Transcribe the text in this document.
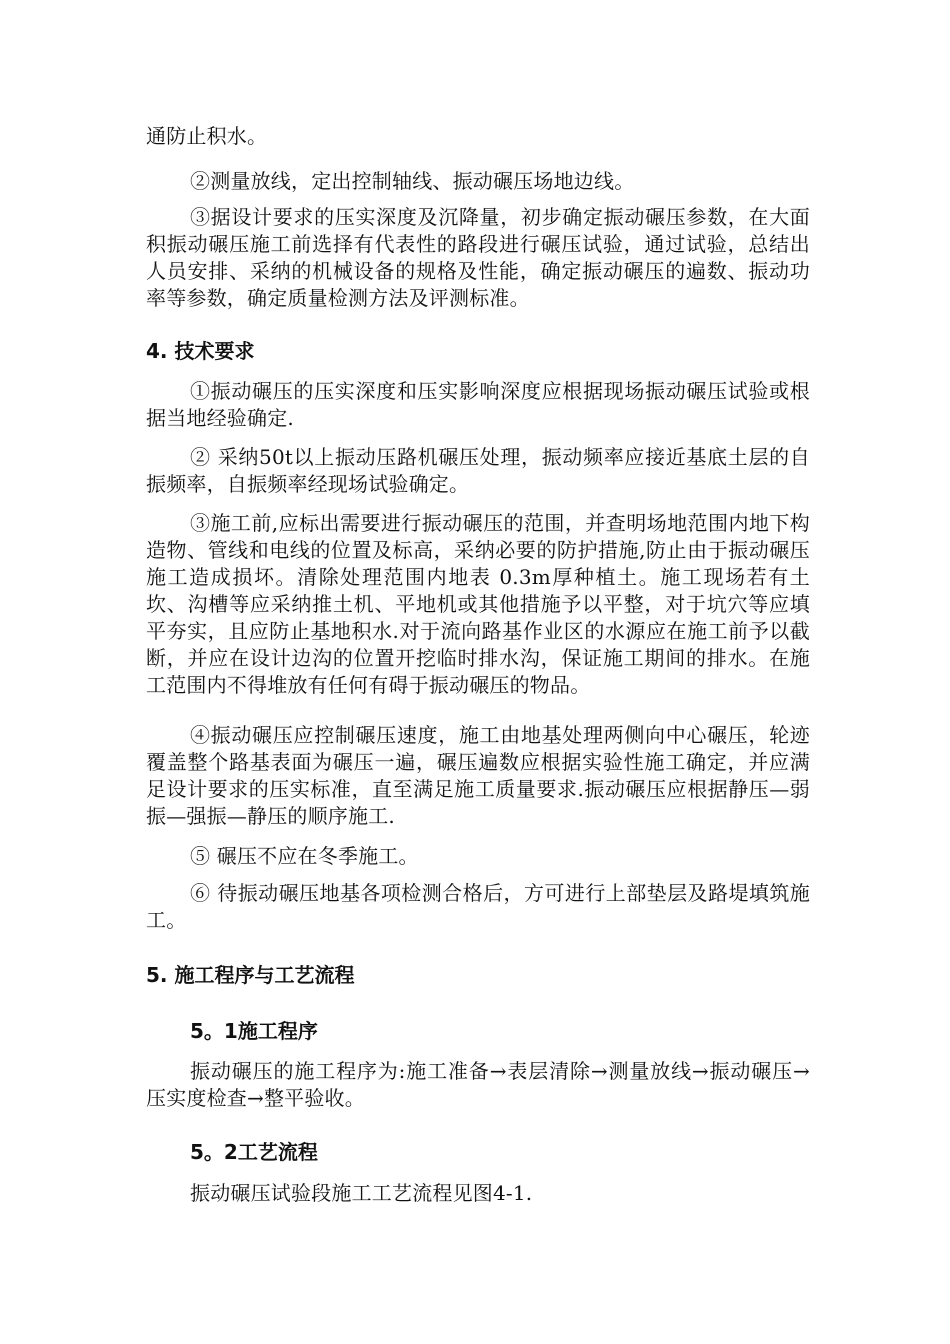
通防止积水。
②测量放线，定出控制轴线、振动碾压场地边线。
③据设计要求的压实深度及沉降量，初步确定振动碾压参数，在大面积振动碾压施工前选择有代表性的路段进行碾压试验，通过试验，总结出人员安排、采纳的机械设备的规格及性能，确定振动碾压的遍数、振动功率等参数，确定质量检测方法及评测标准。
4. 技术要求
①振动碾压的压实深度和压实影响深度应根据现场振动碾压试验或根据当地经验确定.
② 采纳50t以上振动压路机碾压处理，振动频率应接近基底土层的自振频率，自振频率经现场试验确定。
③施工前,应标出需要进行振动碾压的范围，并查明场地范围内地下构造物、管线和电线的位置及标高，采纳必要的防护措施,防止由于振动碾压施工造成损坏。清除处理范围内地表 0.3m厚种植土。施工现场若有土坎、沟槽等应采纳推土机、平地机或其他措施予以平整，对于坑穴等应填平夯实，且应防止基地积水.对于流向路基作业区的水源应在施工前予以截断，并应在设计边沟的位置开挖临时排水沟，保证施工期间的排水。在施工范围内不得堆放有任何有碍于振动碾压的物品。
④振动碾压应控制碾压速度，施工由地基处理两侧向中心碾压，轮迹覆盖整个路基表面为碾压一遍，碾压遍数应根据实验性施工确定，并应满足设计要求的压实标准，直至满足施工质量要求.振动碾压应根据静压—弱振—强振—静压的顺序施工.
⑤ 碾压不应在冬季施工。
⑥ 待振动碾压地基各项检测合格后，方可进行上部垫层及路堤填筑施工。
5. 施工程序与工艺流程
5。1施工程序
振动碾压的施工程序为:施工准备→表层清除→测量放线→振动碾压→压实度检查→整平验收。
5。2工艺流程
振动碾压试验段施工工艺流程见图4-1.
